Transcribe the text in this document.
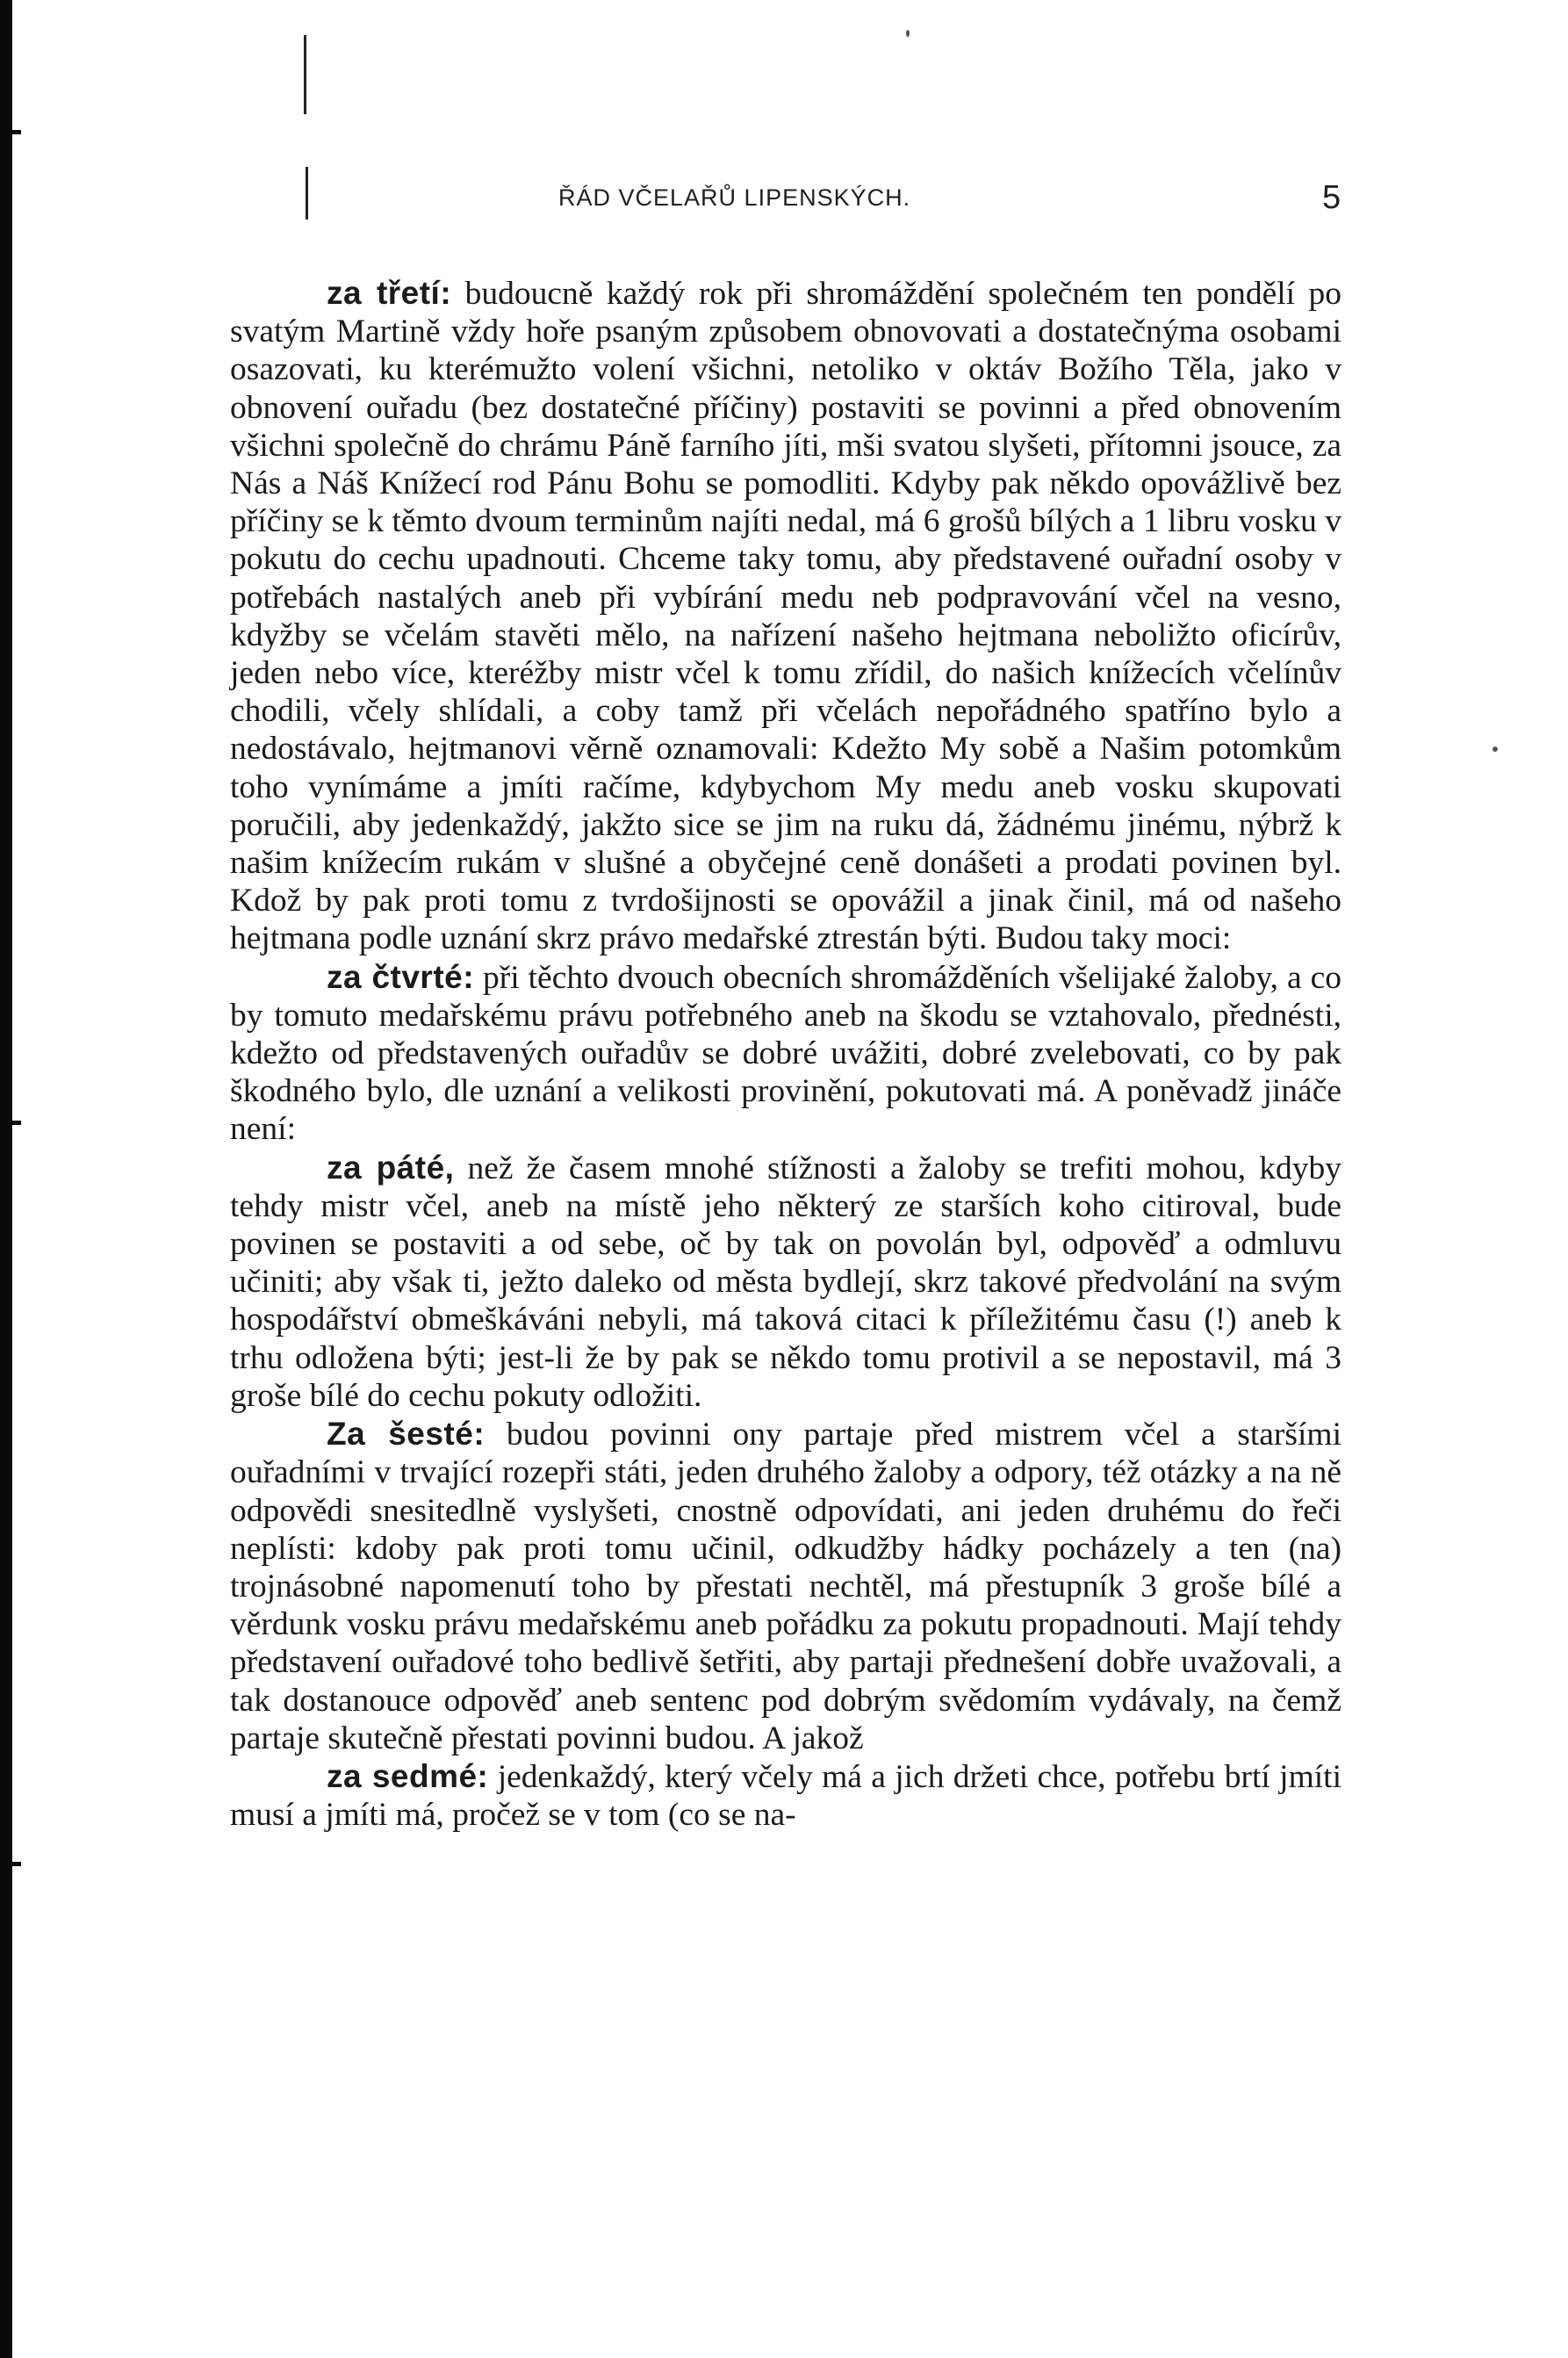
ŘÁD VČELAŘŮ LIPENSKÝCH.	5

za třetí: budoucně každý rok při shromáždění společném ten pondělí po svatým Martině vždy hoře psaným způsobem obnovovati a dostatečnýma osobami osazovati, ku kterémužto volení všichni, netoliko v oktáv Božího Těla, jako v obnovení ouřadu (bez dostatečné příčiny) postaviti se povinni a před obnovením všichni společně do chrámu Páně farního jíti, mši svatou slyšeti, přítomni jsouce, za Nás a Náš Knížecí rod Pánu Bohu se pomodliti. Kdyby pak někdo opovážlivě bez příčiny se k těmto dvoum terminům najíti nedal, má 6 grošů bílých a 1 libru vosku v pokutu do cechu upadnouti. Chceme taky tomu, aby představené ouřadní osoby v potřebách nastalých aneb při vybírání medu neb podpravování včel na vesno, kdyžby se včelám stavěti mělo, na nařízení našeho hejtmana neboližto oficírův, jeden nebo více, kteréžby mistr včel k tomu zřídil, do našich knížecích včelínův chodili, včely shlídali, a coby tamž při včelách nepořádného spatříno bylo a nedostávalo, hejtmanovi věrně oznamovali: Kdežto My sobě a Našim potomkům toho vynímáme a jmíti račíme, kdybychom My medu aneb vosku skupovati poručili, aby jedenkaždý, jakžto sice se jim na ruku dá, žádnému jinému, nýbrž k našim knížecím rukám v slušné a obyčejné ceně donášeti a prodati povinen byl. Kdož by pak proti tomu z tvrdošijnosti se opovážil a jinak činil, má od našeho hejtmana podle uznání skrz právo medařské ztrestán býti. Budou taky moci:

za čtvrté: při těchto dvouch obecních shromážděních všelijaké žaloby, a co by tomuto medařskému právu potřebného aneb na škodu se vztahovalo, přednésti, kdežto od představených ouřadův se dobré uvážiti, dobré zvelebovati, co by pak škodného bylo, dle uznání a velikosti provinění, pokutovati má. A poněvadž jináče není:

za páté, než že časem mnohé stížnosti a žaloby se trefiti mohou, kdyby tehdy mistr včel, aneb na místě jeho některý ze starších koho citiroval, bude povinen se postaviti a od sebe, oč by tak on povolán byl, odpověď a odmluvu učiniti; aby však ti, ježto daleko od města bydlejí, skrz takové předvolání na svým hospodářství obmeškáváni nebyli, má taková citaci k příležitému času (!) aneb k trhu odložena býti; jest-li že by pak se někdo tomu protivil a se nepostavil, má 3 groše bílé do cechu pokuty odložiti.

Za šesté: budou povinni ony partaje před mistrem včel a staršími ouřadními v trvající rozepři státi, jeden druhého žaloby a odpory, též otázky a na ně odpovědi snesitedlně vyslyšeti, cnostně odpovídati, ani jeden druhému do řeči neplísti: kdoby pak proti tomu učinil, odkudžby hádky pocházely a ten (na) trojnásobné napomenutí toho by přestati nechtěl, má přestupník 3 groše bílé a věrdunk vosku právu medařskému aneb pořádku za pokutu propadnouti. Mají tehdy představení ouřadové toho bedlivě šetřiti, aby partaji přednešení dobře uvažovali, a tak dostanouce odpověď aneb sentenc pod dobrým svědomím vydávaly, na čemž partaje skutečně přestati povinni budou. A jakož

za sedmé: jedenkaždý, který včely má a jich držeti chce, potřebu brtí jmíti musí a jmíti má, pročež se v tom (co se na-
